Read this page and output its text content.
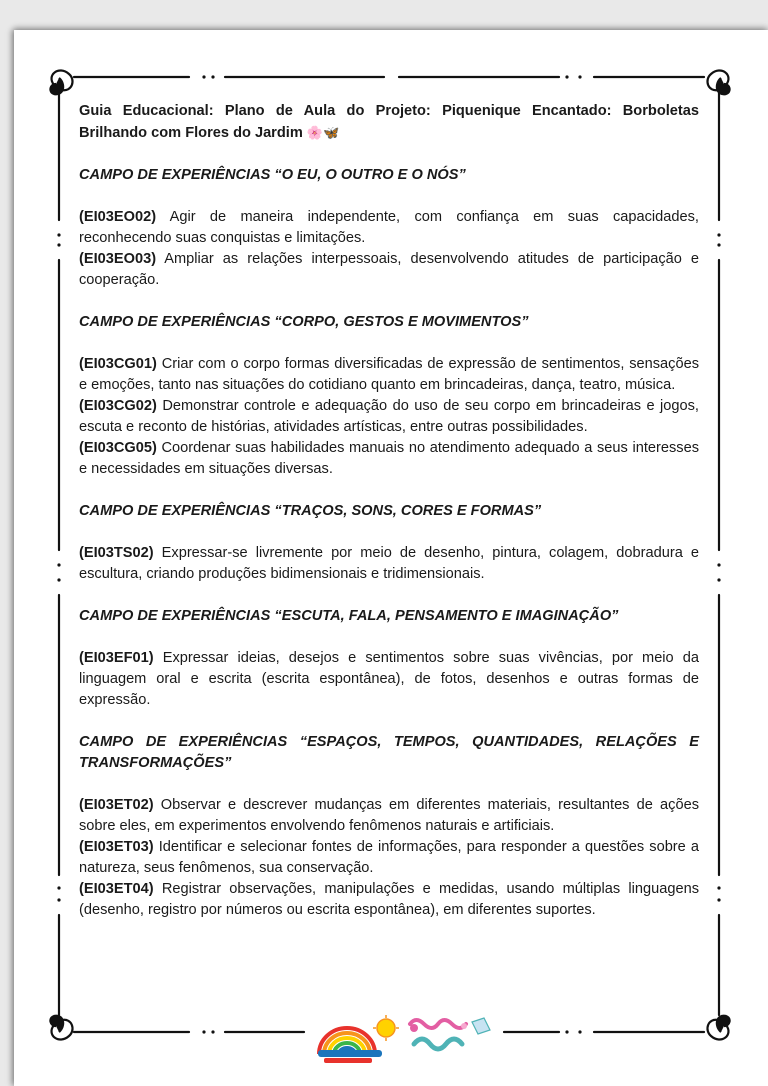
Guia Educacional: Plano de Aula do Projeto: Piquenique Encantado: Borboletas Brilhando com Flores do Jardim 🌸🦋

CAMPO DE EXPERIÊNCIAS “O EU, O OUTRO E O NÓS”

(EI03EO02) Agir de maneira independente, com confiança em suas capacidades, reconhecendo suas conquistas e limitações.

(EI03EO03) Ampliar as relações interpessoais, desenvolvendo atitudes de participação e cooperação.

CAMPO DE EXPERIÊNCIAS “CORPO, GESTOS E MOVIMENTOS”

(EI03CG01) Criar com o corpo formas diversificadas de expressão de sentimentos, sensações e emoções, tanto nas situações do cotidiano quanto em brincadeiras, dança, teatro, música.

(EI03CG02) Demonstrar controle e adequação do uso de seu corpo em brincadeiras e jogos, escuta e reconto de histórias, atividades artísticas, entre outras possibilidades.

(EI03CG05) Coordenar suas habilidades manuais no atendimento adequado a seus interesses e necessidades em situações diversas.

CAMPO DE EXPERIÊNCIAS “TRAÇOS, SONS, CORES E FORMAS”

(EI03TS02) Expressar-se livremente por meio de desenho, pintura, colagem, dobradura e escultura, criando produções bidimensionais e tridimensionais.

CAMPO DE EXPERIÊNCIAS “ESCUTA, FALA, PENSAMENTO E IMAGINAÇÃO”

(EI03EF01) Expressar ideias, desejos e sentimentos sobre suas vivências, por meio da linguagem oral e escrita (escrita espontânea), de fotos, desenhos e outras formas de expressão.

CAMPO DE EXPERIÊNCIAS “ESPAÇOS, TEMPOS, QUANTIDADES, RELAÇÕES E TRANSFORMAÇÕES”

(EI03ET02) Observar e descrever mudanças em diferentes materiais, resultantes de ações sobre eles, em experimentos envolvendo fenômenos naturais e artificiais.

(EI03ET03) Identificar e selecionar fontes de informações, para responder a questões sobre a natureza, seus fenômenos, sua conservação.

(EI03ET04) Registrar observações, manipulações e medidas, usando múltiplas linguagens (desenho, registro por números ou escrita espontânea), em diferentes suportes.
